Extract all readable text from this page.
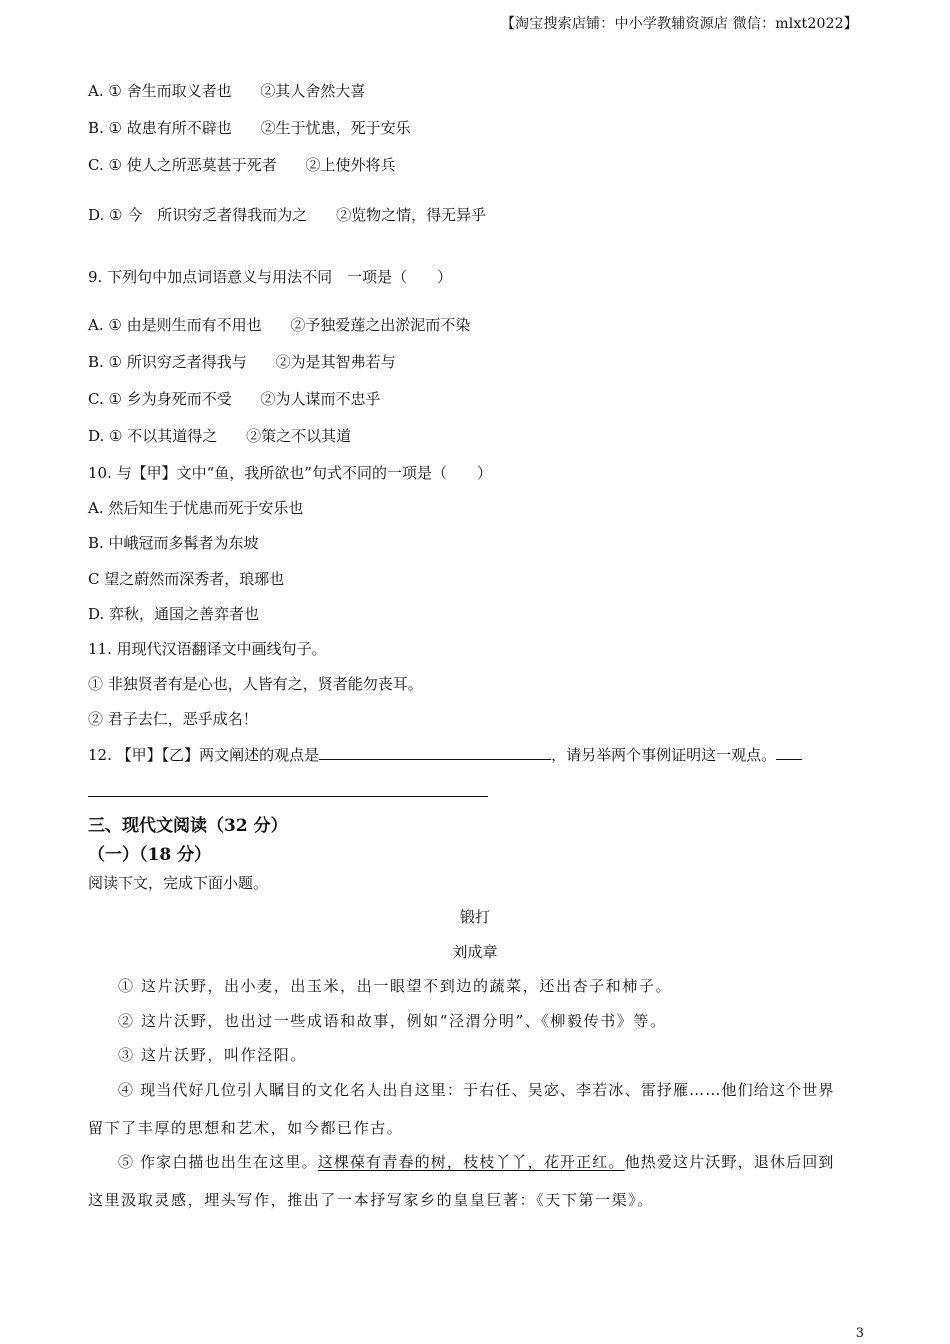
【淘宝搜索店铺：中小学教辅资源店 微信：mlxt2022】
A. ① 舍生而取义者也 ②其人舍然大喜
B. ① 故患有所不辟也 ②生于忧患，死于安乐
C. ① 使人之所恶莫甚于死者 ②上使外将兵
D. ① 今　所识穷乏者得我而为之 ②览物之情，得无异乎
9. 下列句中加点词语意义与用法不同　一项是（　　）
A. ① 由是则生而有不用也 ②予独爱莲之出淤泥而不染
B. ① 所识穷乏者得我与 ②为是其智弗若与
C. ① 乡为身死而不受 ②为人谋而不忠乎
D. ① 不以其道得之 ②策之不以其道
10. 与【甲】文中“鱼，我所欲也”句式不同的一项是（　　）
A. 然后知生于忧患而死于安乐也
B. 中峨冠而多髯者为东坡
C 望之蔚然而深秀者，琅琊也
D. 弈秋，通国之善弈者也
11. 用现代汉语翻译文中画线句子。
① 非独贤者有是心也，人皆有之，贤者能勿丧耳。
② 君子去仁，恶乎成名！
12. 【甲】【乙】两文阐述的观点是	，请另举两个事例证明这一观点。
三、现代文阅读（32 分）
（一）（18 分）
阅读下文，完成下面小题。
锻打
刘成章
① 这片沃野，出小麦，出玉米，出一眼望不到边的蔬菜，还出杏子和柿子。
② 这片沃野，也出过一些成语和故事，例如“泾渭分明”、《柳毅传书》等。
③ 这片沃野，叫作泾阳。
④ 现当代好几位引人瞩目的文化名人出自这里：于右任、吴宓、李若冰、雷抒雁……他们给这个世界
留下了丰厚的思想和艺术，如今都已作古。
⑤ 作家白描也出生在这里。这棵葆有青春的树，枝枝丫丫，花开正红。他热爱这片沃野，退休后回到
这里汲取灵感，埋头写作，推出了一本抒写家乡的皇皇巨著：《天下第一渠》。
3
